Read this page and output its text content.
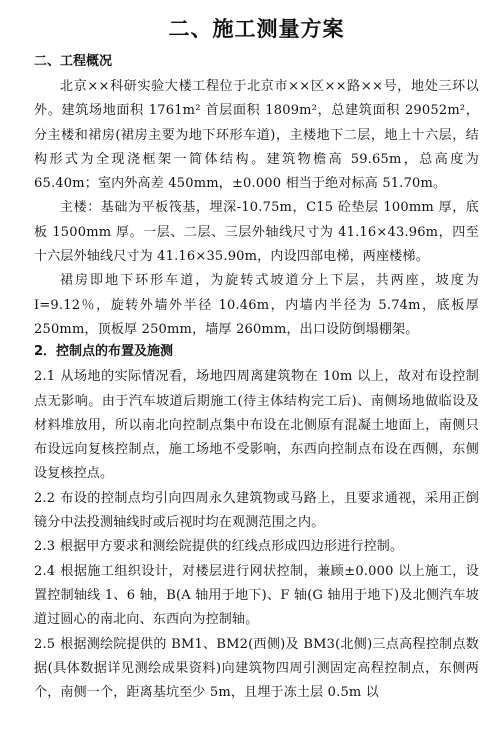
二、施工测量方案
二、工程概况

北京××科研实验大楼工程位于北京市××区××路××号，地处三环以外。建筑场地面积 1761m² 首层面积 1809m²，总建筑面积 29052m²，分主楼和裙房(裙房主要为地下环形车道)，主楼地下二层，地上十六层，结构形式为全现浇框架一简体结构。建筑物檐高 59.65m，总高度为 65.40m；室内外高差 450mm，±0.000 相当于绝对标高 51.70m。

主楼：基础为平板筏基，埋深-10.75m，C15 砼垫层 100mm 厚，底板 1500mm 厚。一层、二层、三层外轴线尺寸为 41.16×43.96m，四至十六层外轴线尺寸为 41.16×35.90m，内设四部电梯，两座楼梯。

裙房即地下环形车道，为旋转式坡道分上下层，共两座，坡度为 I=9.12％，旋转外墙外半径 10.46m，内墙内半径为 5.74m，底板厚 250mm，顶板厚 250mm，墙厚 260mm，出口设防倒塌棚架。

2．控制点的布置及施测

2.1 从场地的实际情况看，场地四周离建筑物在 10m 以上，故对布设控制点无影响。由于汽车坡道后期施工(待主体结构完工后)、南侧场地做临设及材料堆放用，所以南北向控制点集中布设在北侧原有混凝土地面上，南侧只布设远向复核控制点，施工场地不受影响，东西向控制点布设在西侧，东侧设复核控点。

2.2 布设的控制点均引向四周永久建筑物或马路上，且要求通视，采用正倒镜分中法投测轴线时或后视时均在观测范围之内。

2.3 根据甲方要求和测绘院提供的红线点形成四边形进行控制。

2.4 根据施工组织设计，对楼层进行网状控制，兼顾±0.000 以上施工，设置控制轴线 1、6 轴，B(A 轴用于地下)、F 轴(G 轴用于地下)及北侧汽车坡道过圆心的南北向、东西向为控制轴。

2.5 根据测绘院提供的 BM1、BM2(西侧)及 BM3(北侧)三点高程控制点数据(具体数据详见测绘成果资料)向建筑物四周引测固定高程控制点，东侧两个，南侧一个，距离基坑至少 5m，且埋于冻土层 0.5m 以
